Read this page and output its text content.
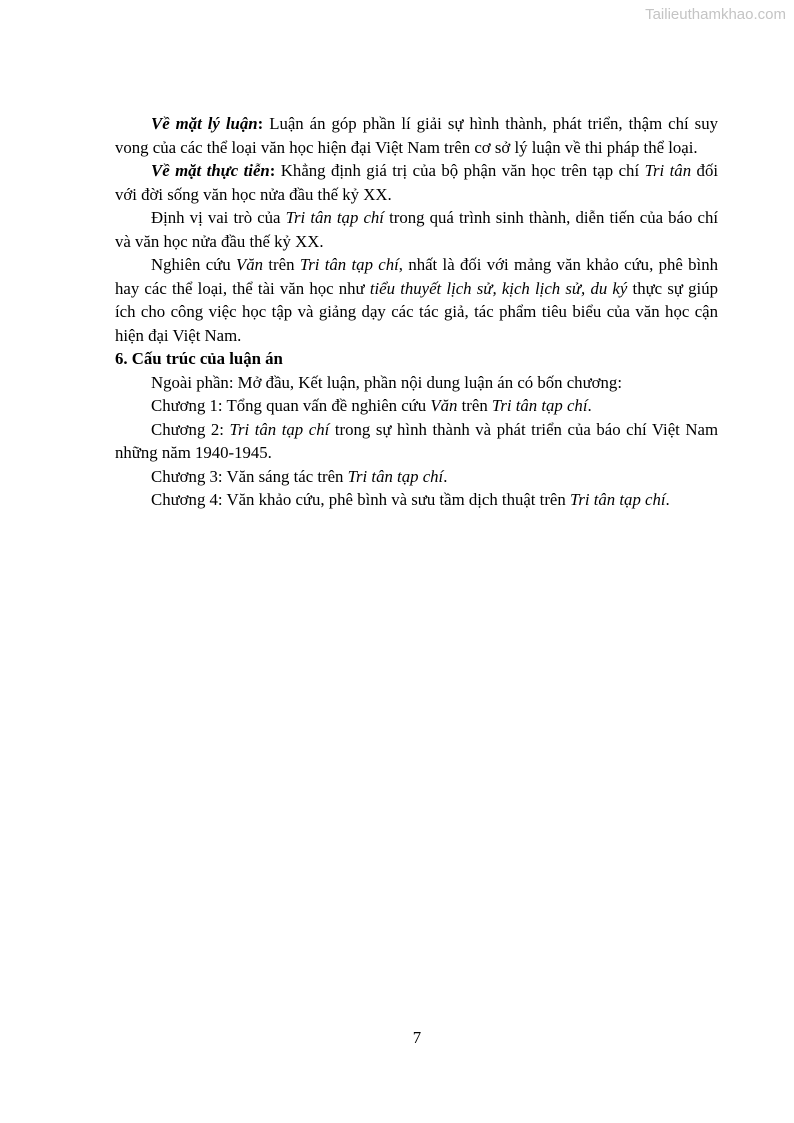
Tailieuthamkhao.com

Về mặt lý luận: Luận án góp phần lí giải sự hình thành, phát triển, thậm chí suy vong của các thể loại văn học hiện đại Việt Nam trên cơ sở lý luận về thi pháp thể loại.

Về mặt thực tiễn: Khẳng định giá trị của bộ phận văn học trên tạp chí Tri tân đối với đời sống văn học nửa đầu thế kỷ XX.

Định vị vai trò của Tri tân tạp chí trong quá trình sinh thành, diễn tiến của báo chí và văn học nửa đầu thế kỷ XX.

Nghiên cứu Văn trên Tri tân tạp chí, nhất là đối với mảng văn khảo cứu, phê bình hay các thể loại, thể tài văn học như tiểu thuyết lịch sử, kịch lịch sử, du ký thực sự giúp ích cho công việc học tập và giảng dạy các tác giả, tác phẩm tiêu biểu của văn học cận hiện đại Việt Nam.

6. Cấu trúc của luận án

Ngoài phần: Mở đầu, Kết luận, phần nội dung luận án có bốn chương:

Chương 1: Tổng quan vấn đề nghiên cứu Văn trên Tri tân tạp chí.

Chương 2: Tri tân tạp chí trong sự hình thành và phát triển của báo chí Việt Nam những năm 1940-1945.

Chương 3: Văn sáng tác trên Tri tân tạp chí.

Chương 4: Văn khảo cứu, phê bình và sưu tầm dịch thuật trên Tri tân tạp chí.

7
